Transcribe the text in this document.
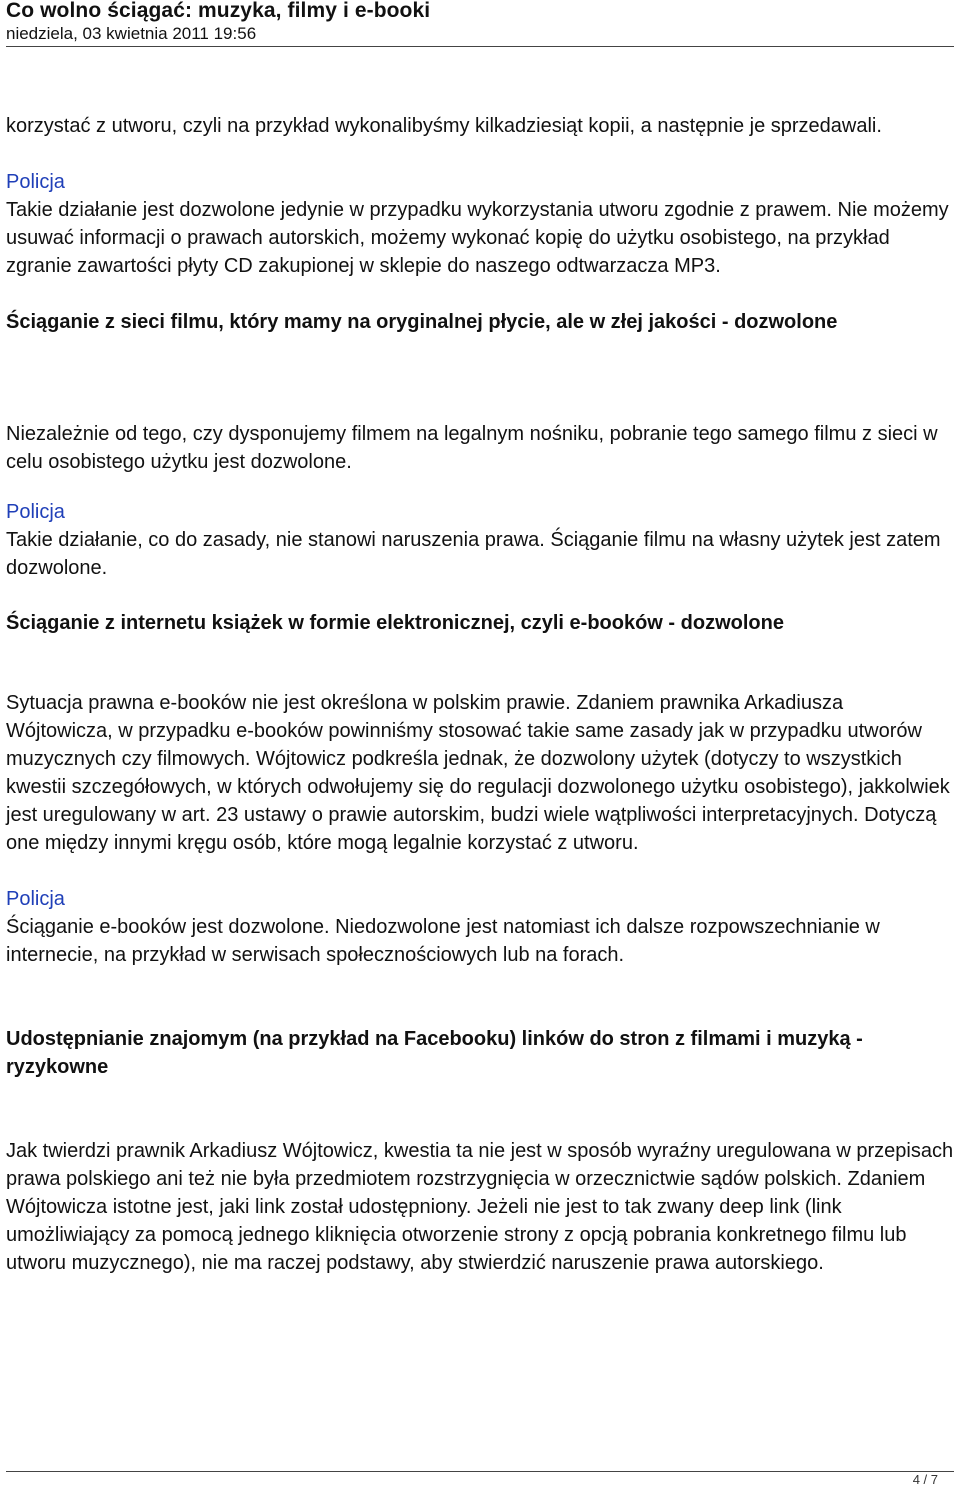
Co wolno ściągać: muzyka, filmy i e-booki
niedziela, 03 kwietnia 2011 19:56

korzystać z utworu, czyli na przykład wykonalibyśmy kilkadziesiąt kopii, a następnie je sprzedawali.

Policja

Takie działanie jest dozwolone jedynie w przypadku wykorzystania utworu zgodnie z prawem. Nie możemy usuwać informacji o prawach autorskich, możemy wykonać kopię do użytku osobistego, na przykład zgranie zawartości płyty CD zakupionej w sklepie do naszego odtwarzacza MP3.

Ściąganie z sieci filmu, który mamy na oryginalnej płycie, ale w złej jakości - dozwolone

Niezależnie od tego, czy dysponujemy filmem na legalnym nośniku, pobranie tego samego filmu z sieci w celu osobistego użytku jest dozwolone.

Policja

Takie działanie, co do zasady, nie stanowi naruszenia prawa. Ściąganie filmu na własny użytek jest zatem dozwolone.

Ściąganie z internetu książek w formie elektronicznej, czyli e-booków - dozwolone

Sytuacja prawna e-booków nie jest określona w polskim prawie. Zdaniem prawnika Arkadiusza Wójtowicza, w przypadku e-booków powinniśmy stosować takie same zasady jak w przypadku utworów muzycznych czy filmowych. Wójtowicz podkreśla jednak, że dozwolony użytek (dotyczy to wszystkich kwestii szczegółowych, w których odwołujemy się do regulacji dozwolonego użytku osobistego), jakkolwiek jest uregulowany w art. 23 ustawy o prawie autorskim, budzi wiele wątpliwości interpretacyjnych. Dotyczą one między innymi kręgu osób, które mogą legalnie korzystać z utworu.

Policja

Ściąganie e-booków jest dozwolone. Niedozwolone jest natomiast ich dalsze rozpowszechnianie w internecie, na przykład w serwisach społecznościowych lub na forach.

Udostępnianie znajomym (na przykład na Facebooku) linków do stron z filmami i muzyką - ryzykowne

Jak twierdzi prawnik Arkadiusz Wójtowicz, kwestia ta nie jest w sposób wyraźny uregulowana w przepisach prawa polskiego ani też nie była przedmiotem rozstrzygnięcia w orzecznictwie sądów polskich. Zdaniem Wójtowicza istotne jest, jaki link został udostępniony. Jeżeli nie jest to tak zwany deep link (link umożliwiający za pomocą jednego kliknięcia otworzenie strony z opcją pobrania konkretnego filmu lub utworu muzycznego), nie ma raczej podstawy, aby stwierdzić naruszenie prawa autorskiego.

4 / 7
